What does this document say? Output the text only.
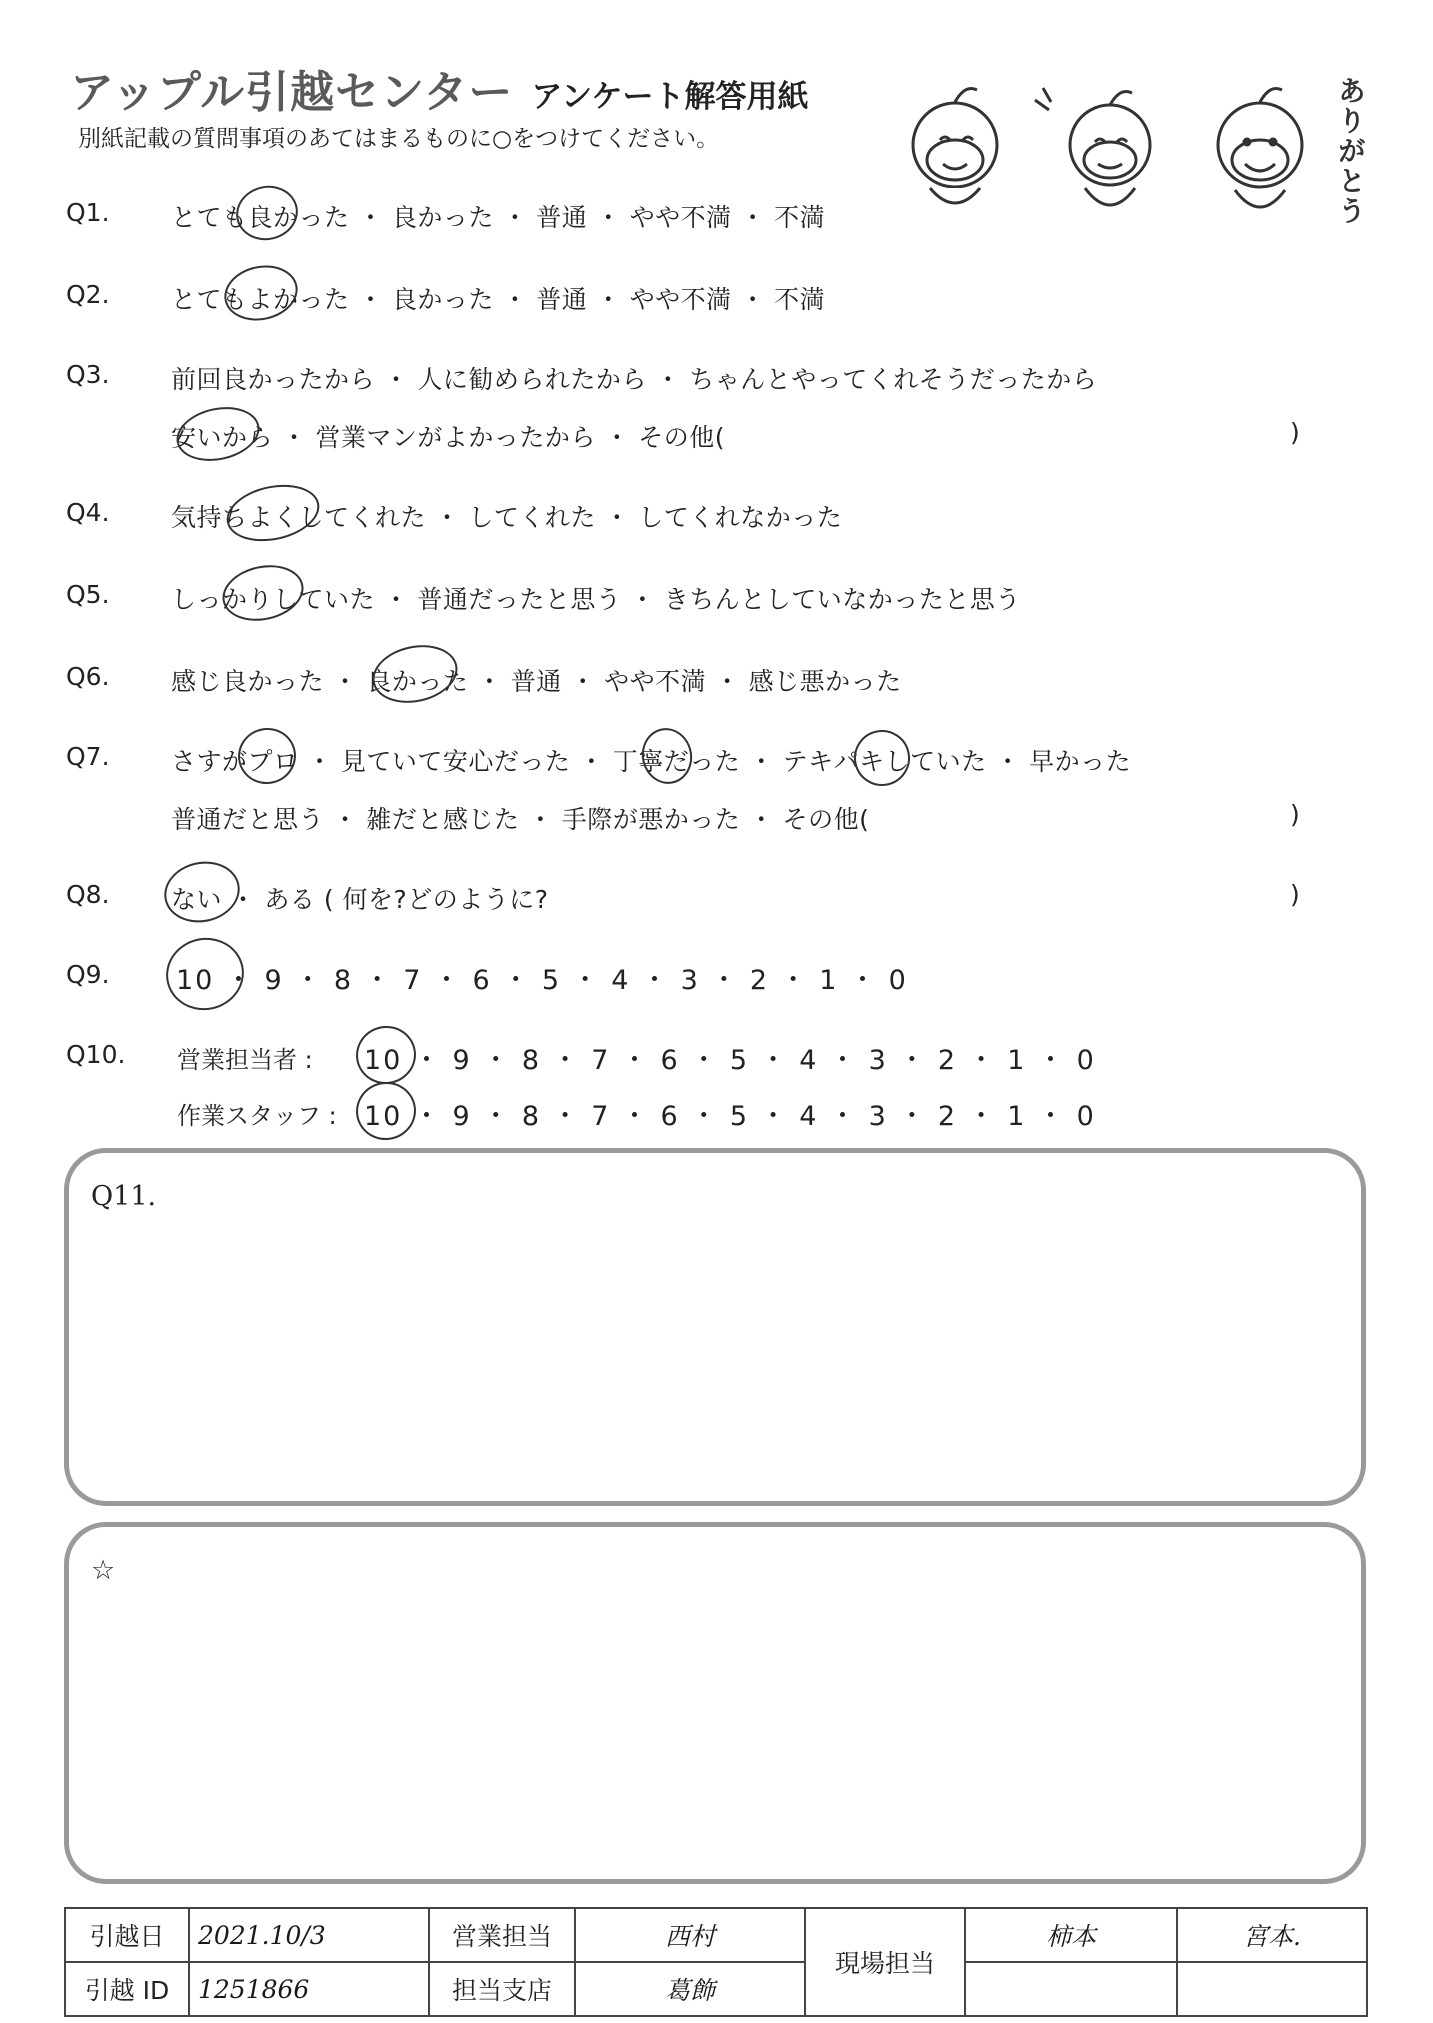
アップル引越センター アンケート解答用紙
別紙記載の質問事項のあてはまるものに○をつけてください。	ありがとう
Q1. とても良かった ・ 良かった ・ 普通 ・ やや不満 ・ 不満
Q2. とてもよかった ・ 良かった ・ 普通 ・ やや不満 ・ 不満
Q3. 前回良かったから ・ 人に勧められたから ・ ちゃんとやってくれそうだったから
安いから ・ 営業マンがよかったから ・ その他(	)
Q4. 気持ちよくしてくれた ・ してくれた ・ してくれなかった
Q5. しっかりしていた ・ 普通だったと思う ・ きちんとしていなかったと思う
Q6. 感じ良かった ・ 良かった ・ 普通 ・ やや不満 ・ 感じ悪かった
Q7. さすがプロ ・ 見ていて安心だった ・ 丁寧だった ・ テキパキしていた ・ 早かった
普通だと思う ・ 雑だと感じた ・ 手際が悪かった ・ その他(	)
Q8. ない ・ ある ( 何を?どのように?	)
Q9. 10 ・ 9 ・ 8 ・ 7 ・ 6 ・ 5 ・ 4 ・ 3 ・ 2 ・ 1 ・ 0
Q10. 営業担当者 : 10 ・ 9 ・ 8 ・ 7 ・ 6 ・ 5 ・ 4 ・ 3 ・ 2 ・ 1 ・ 0
作業スタッフ : 10 ・ 9 ・ 8 ・ 7 ・ 6 ・ 5 ・ 4 ・ 3 ・ 2 ・ 1 ・ 0
Q11.
☆
引越日	2021.10/3	営業担当	西村	現場担当	柿本	宮本.
引越 ID	1251866	担当支店	葛飾			
